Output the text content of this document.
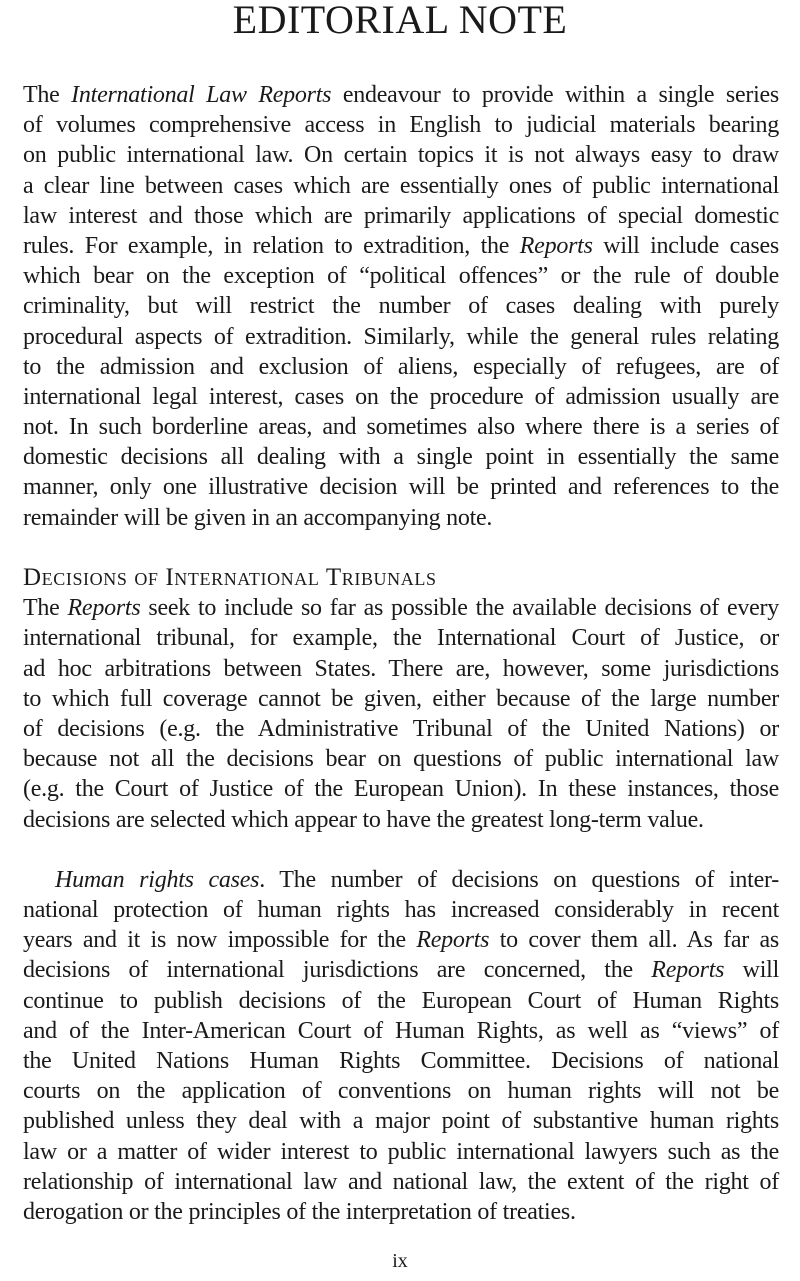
EDITORIAL NOTE
The International Law Reports endeavour to provide within a single series
of volumes comprehensive access in English to judicial materials bearing
on public international law. On certain topics it is not always easy to draw
a clear line between cases which are essentially ones of public international
law interest and those which are primarily applications of special domestic
rules. For example, in relation to extradition, the Reports will include cases
which bear on the exception of “political offences” or the rule of double
criminality, but will restrict the number of cases dealing with purely
procedural aspects of extradition. Similarly, while the general rules relating
to the admission and exclusion of aliens, especially of refugees, are of
international legal interest, cases on the procedure of admission usually are
not. In such borderline areas, and sometimes also where there is a series of
domestic decisions all dealing with a single point in essentially the same
manner, only one illustrative decision will be printed and references to the
remainder will be given in an accompanying note.
Decisions of International Tribunals
The Reports seek to include so far as possible the available decisions of every
international tribunal, for example, the International Court of Justice, or
ad hoc arbitrations between States. There are, however, some jurisdictions
to which full coverage cannot be given, either because of the large number
of decisions (e.g. the Administrative Tribunal of the United Nations) or
because not all the decisions bear on questions of public international law
(e.g. the Court of Justice of the European Union). In these instances, those
decisions are selected which appear to have the greatest long-term value.
Human rights cases. The number of decisions on questions of inter-
national protection of human rights has increased considerably in recent
years and it is now impossible for the Reports to cover them all. As far as
decisions of international jurisdictions are concerned, the Reports will
continue to publish decisions of the European Court of Human Rights
and of the Inter-American Court of Human Rights, as well as “views” of
the United Nations Human Rights Committee. Decisions of national
courts on the application of conventions on human rights will not be
published unless they deal with a major point of substantive human rights
law or a matter of wider interest to public international lawyers such as the
relationship of international law and national law, the extent of the right of
derogation or the principles of the interpretation of treaties.
ix
